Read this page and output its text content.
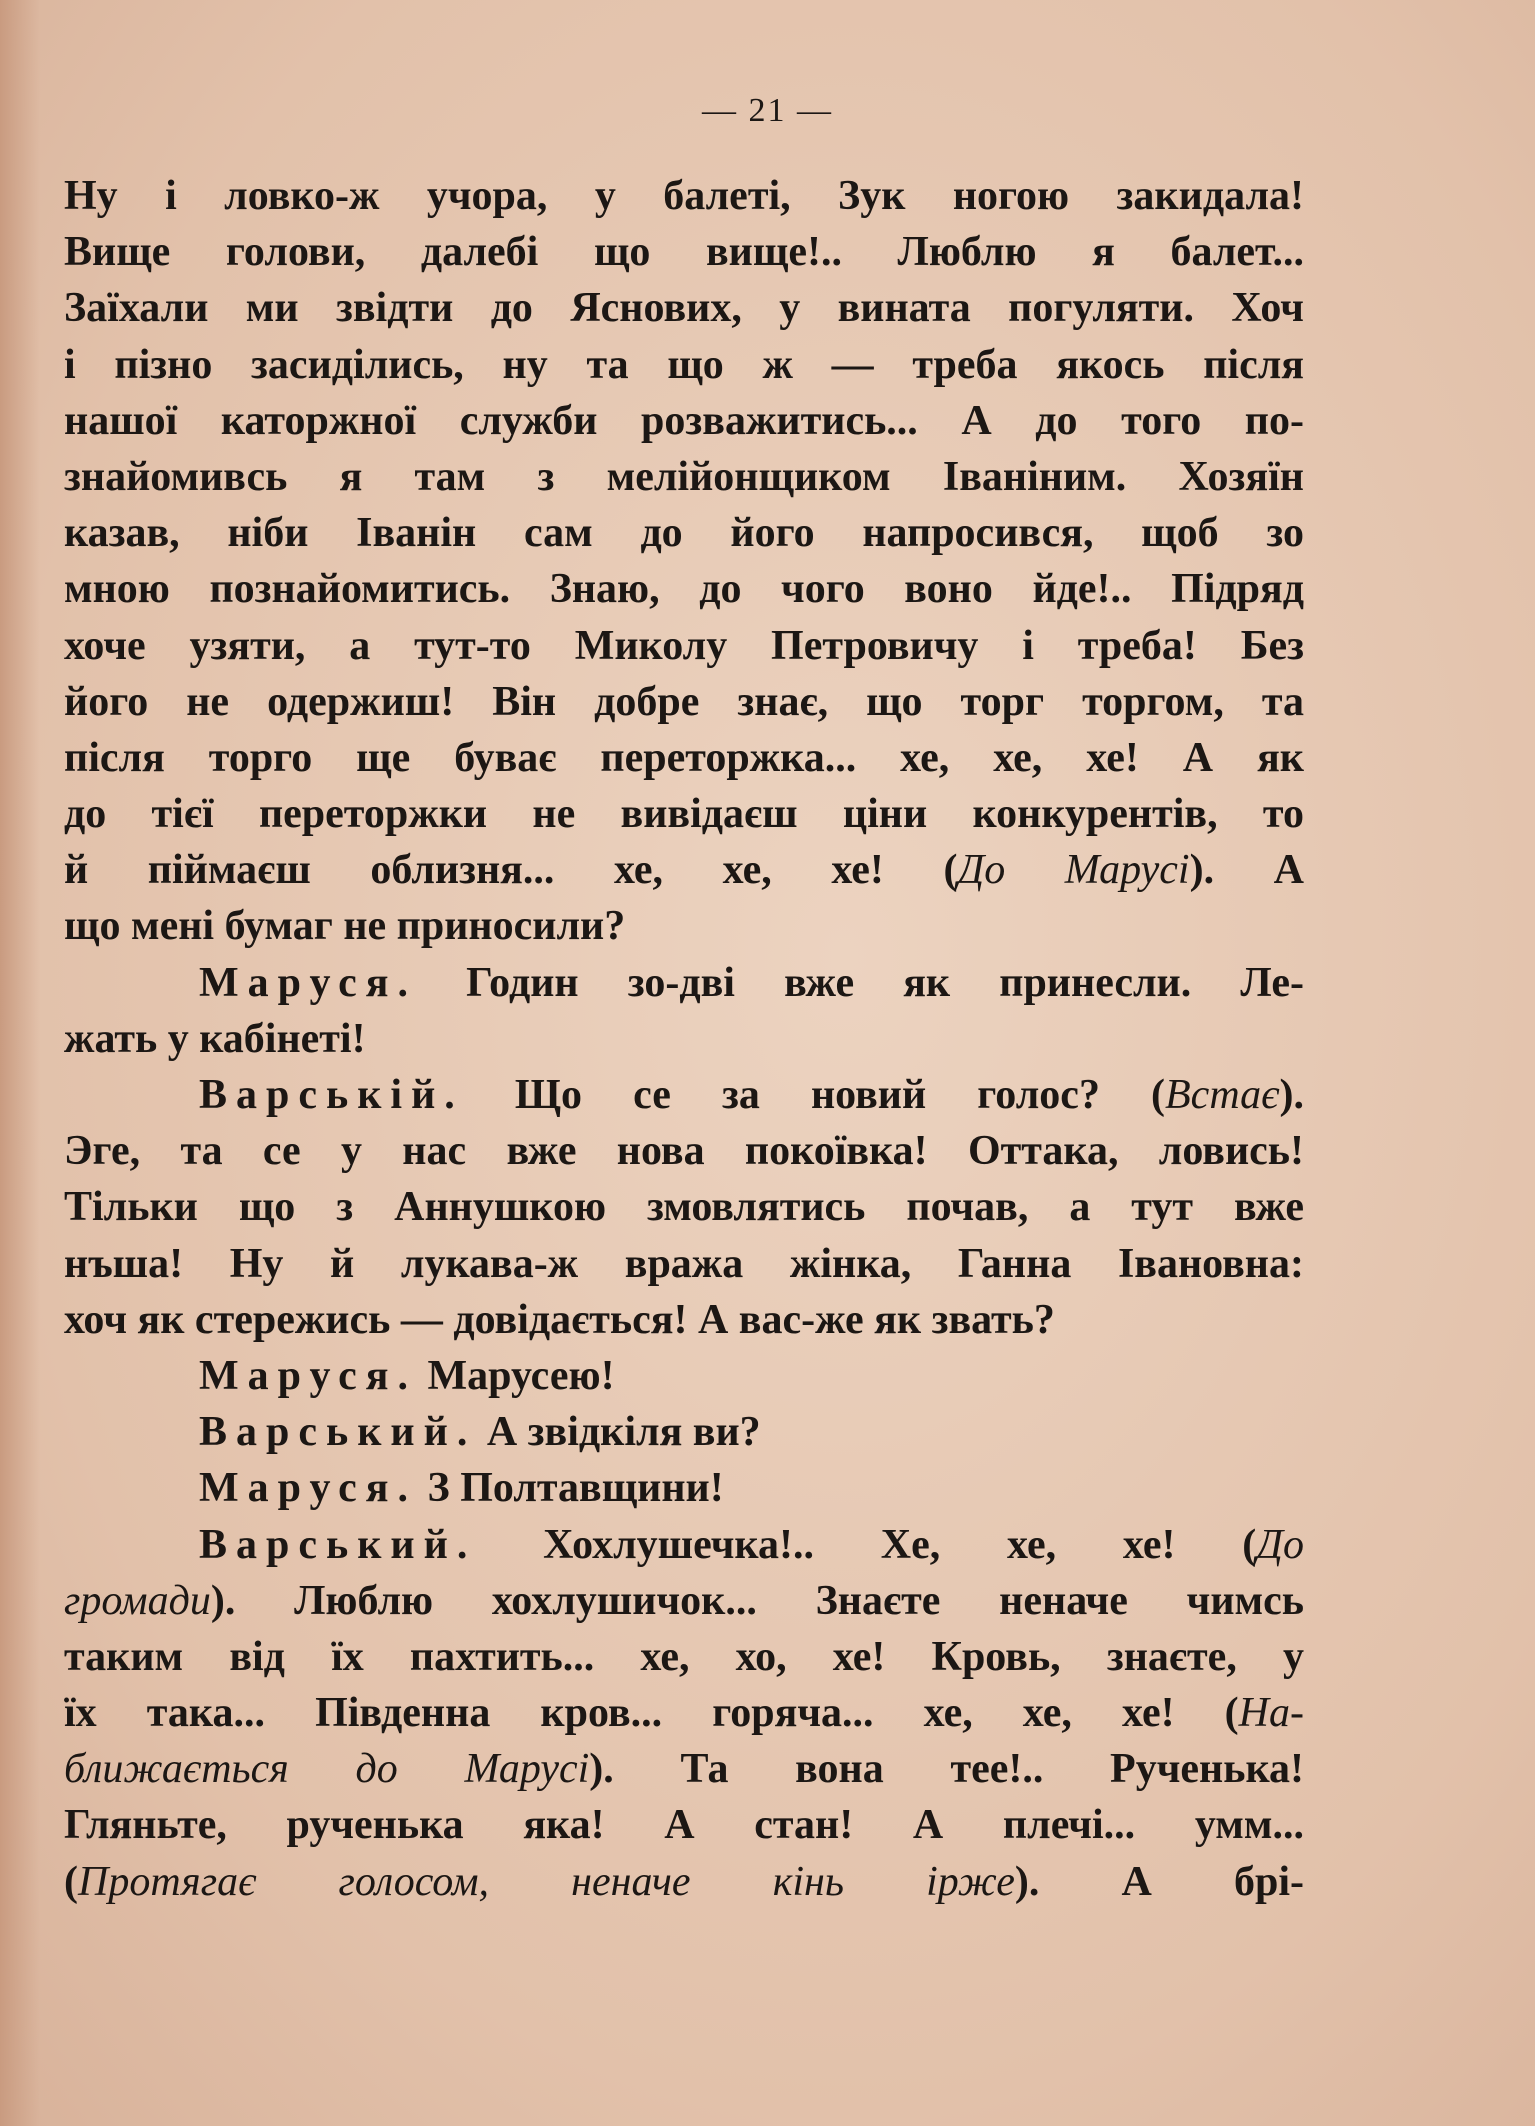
— 21 —
Ну і ловко-ж учора, у балеті, Зук ногою закидала!
Вище голови, далебі що вище!.. Люблю я балет...
Заїхали ми звідти до Яснових, у вината погуляти. Хоч
і пізно засиділись, ну та що ж — треба якось після
нашої каторжної служби розважитись... А до того по-
знайомивсь я там з мелійонщиком Іваніним. Хозяїн
казав, ніби Іванін сам до його напросився, щоб зо
мною познайомитись. Знаю, до чого воно йде!.. Підряд
хоче узяти, а тут-то Миколу Петровичу і треба! Без
його не одержиш! Він добре знає, що торг торгом, та
після торго ще буває переторжка... хе, хе, хе! А як
до тієї переторжки не вивідаєш ціни конкурентів, то
й піймаєш облизня... хе, хе, хе! (До Марусі). А
що мені бумаг не приносили?
Маруся. Годин зо-дві вже як принесли. Ле-
жать у кабінеті!
Варській. Що се за новий голос? (Встає).
Эге, та се у нас вже нова покоївка! Оттака, ловись!
Тільки що з Аннушкою змовлятись почав, а тут вже
нъша! Ну й лукава-ж вража жінка, Ганна Івановна:
хоч як стережись — довідається! А вас-же як звать?
Маруся. Марусею!
Варський. А звідкіля ви?
Маруся. З Полтавщини!
Варський. Хохлушечка!.. Хе, хе, хе! (До
громади). Люблю хохлушичок... Знаєте неначе чимсь
таким від їх пахтить... хе, хо, хе! Кровь, знаєте, у
їх така... Південна кров... горяча... хе, хе, хе! (На-
ближається до Марусі). Та вона тее!.. Рученька!
Гляньте, рученька яка! А стан! А плечі... умм...
(Протягає голосом, неначе кінь ірже). А брі-
